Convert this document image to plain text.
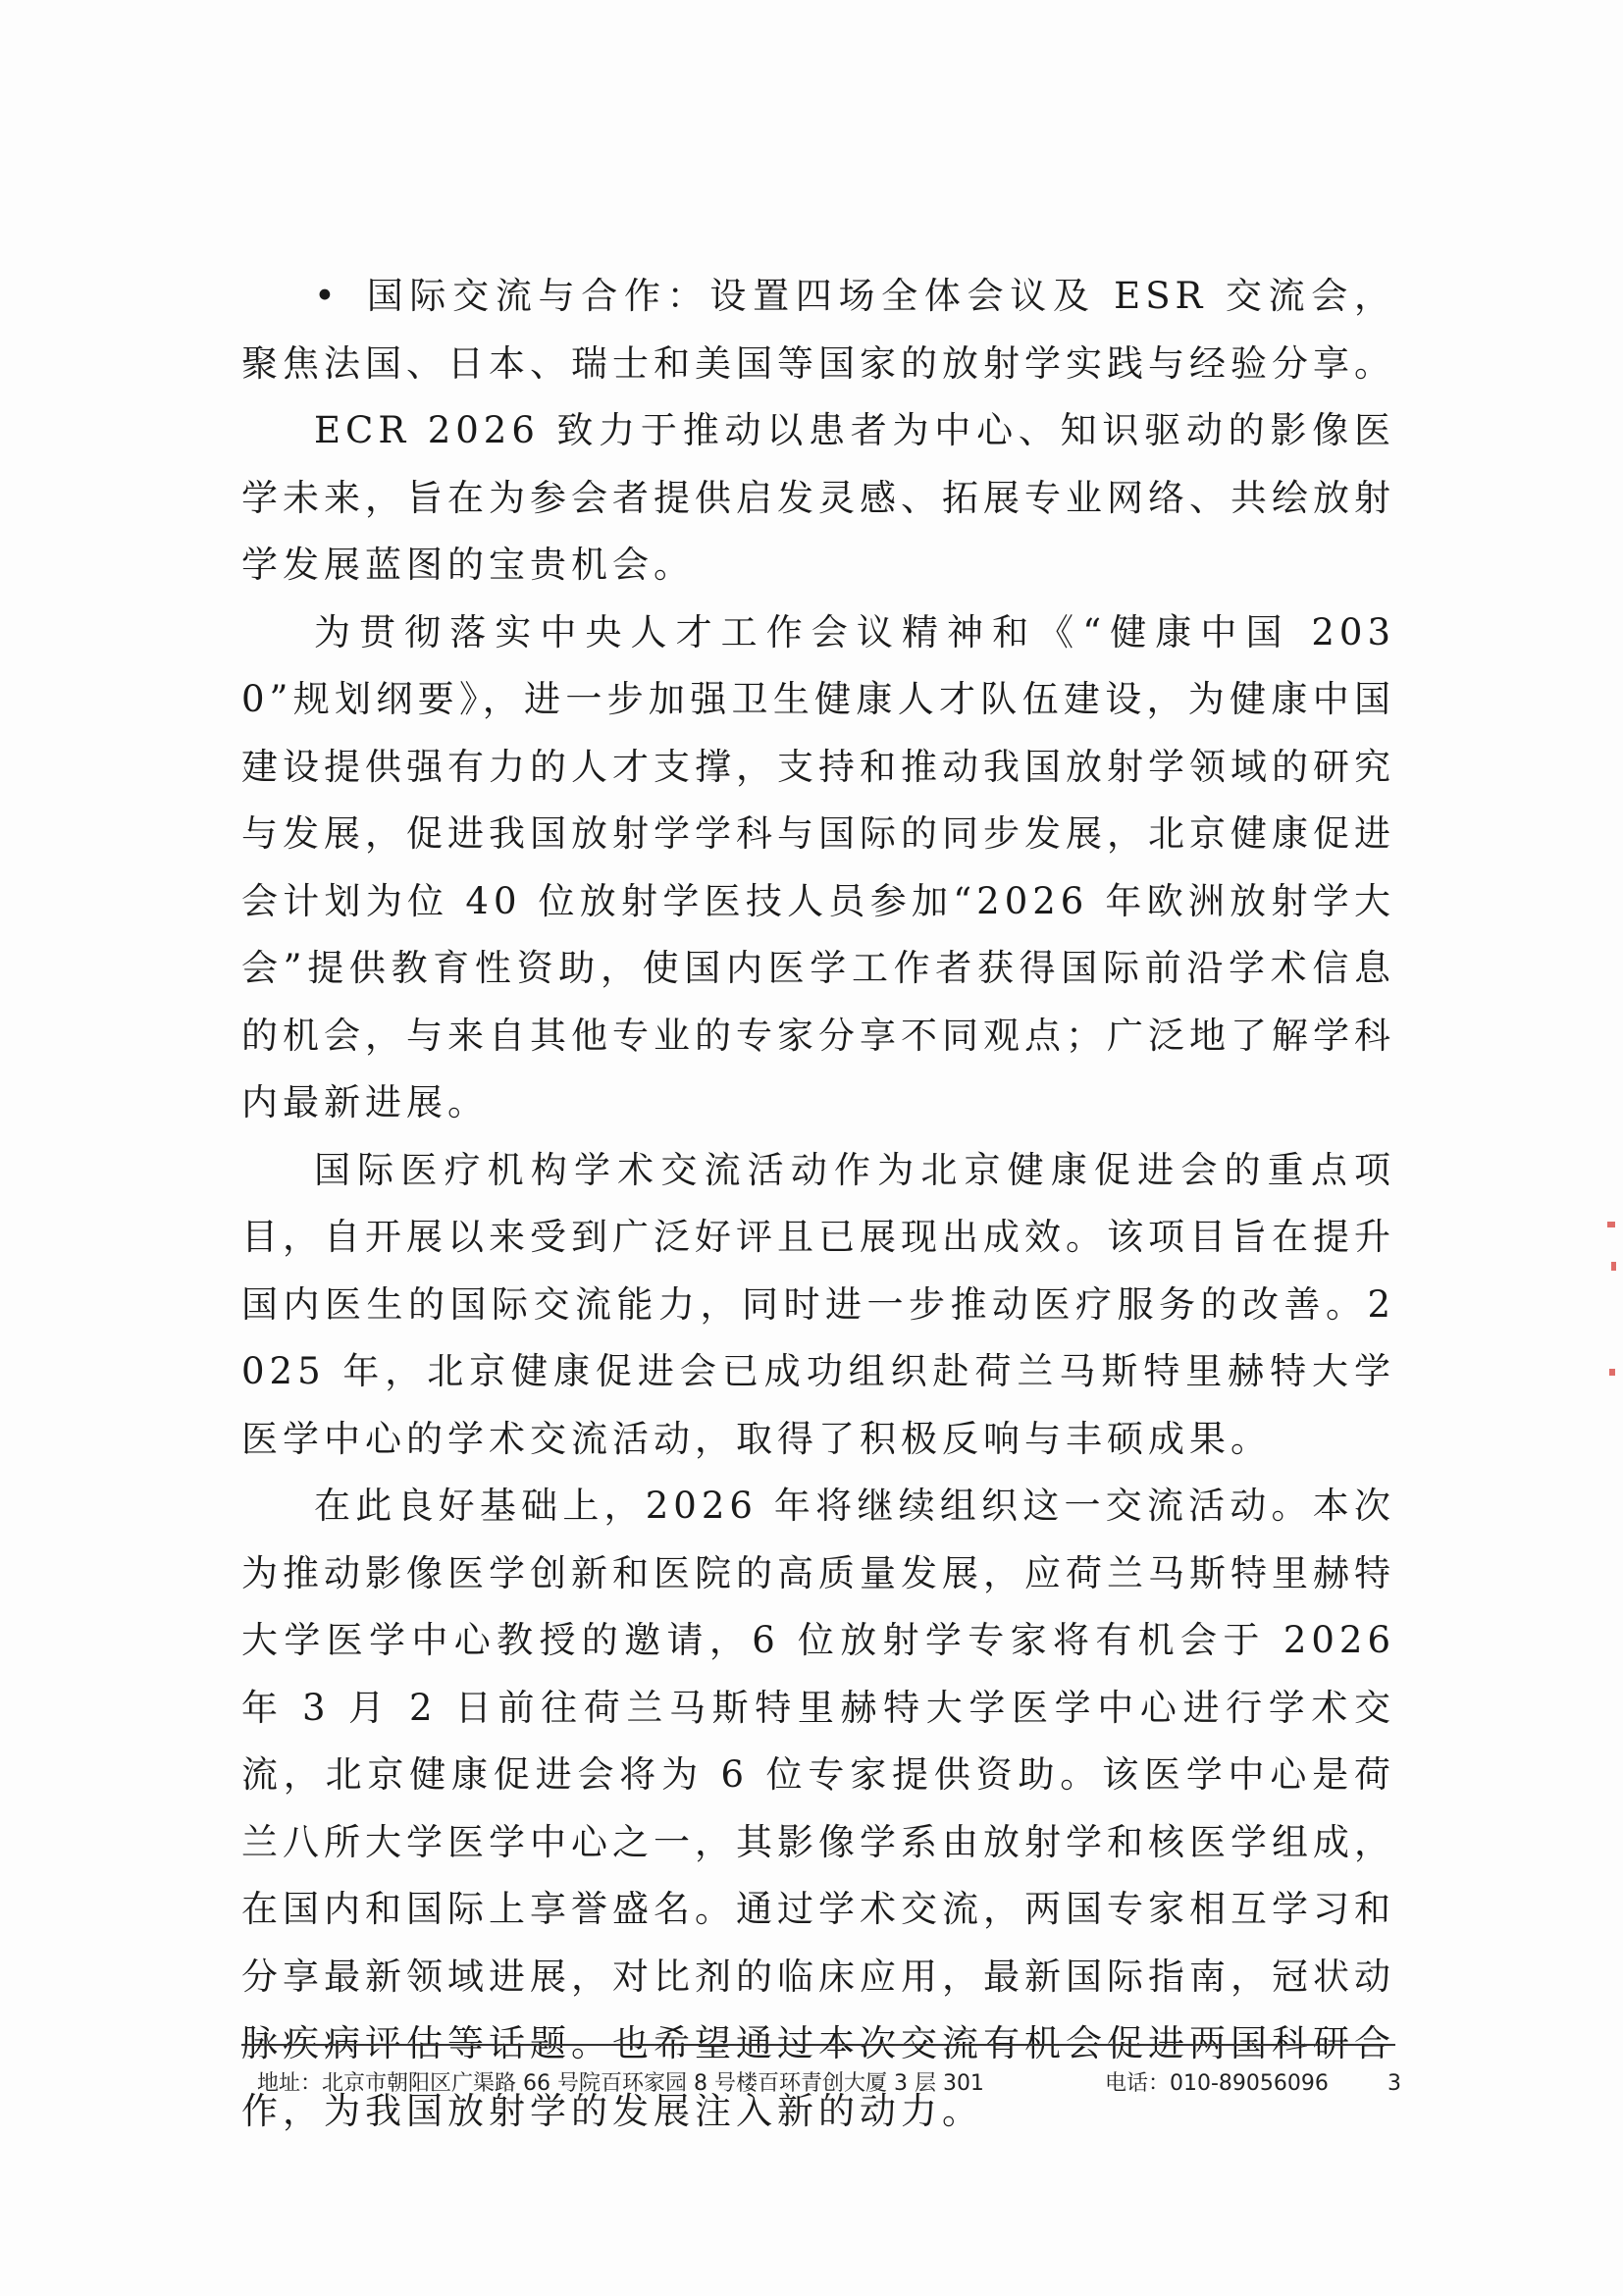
• 国际交流与合作：设置四场全体会议及 ESR 交流会，聚焦法国、日本、瑞士和美国等国家的放射学实践与经验分享。

ECR 2026 致力于推动以患者为中心、知识驱动的影像医学未来，旨在为参会者提供启发灵感、拓展专业网络、共绘放射学发展蓝图的宝贵机会。

为贯彻落实中央人才工作会议精神和《“健康中国 2030”规划纲要》，进一步加强卫生健康人才队伍建设，为健康中国建设提供强有力的人才支撑，支持和推动我国放射学领域的研究与发展，促进我国放射学学科与国际的同步发展，北京健康促进会计划为位 40 位放射学医技人员参加“2026 年欧洲放射学大会”提供教育性资助，使国内医学工作者获得国际前沿学术信息的机会，与来自其他专业的专家分享不同观点；广泛地了解学科内最新进展。

国际医疗机构学术交流活动作为北京健康促进会的重点项目，自开展以来受到广泛好评且已展现出成效。该项目旨在提升国内医生的国际交流能力，同时进一步推动医疗服务的改善。2025 年，北京健康促进会已成功组织赴荷兰马斯特里赫特大学医学中心的学术交流活动，取得了积极反响与丰硕成果。

在此良好基础上，2026 年将继续组织这一交流活动。本次为推动影像医学创新和医院的高质量发展，应荷兰马斯特里赫特大学医学中心教授的邀请，6 位放射学专家将有机会于 2026 年 3 月 2 日前往荷兰马斯特里赫特大学医学中心进行学术交流，北京健康促进会将为 6 位专家提供资助。该医学中心是荷兰八所大学医学中心之一，其影像学系由放射学和核医学组成，在国内和国际上享誉盛名。通过学术交流，两国专家相互学习和分享最新领域进展，对比剂的临床应用，最新国际指南，冠状动脉疾病评估等话题。也希望通过本次交流有机会促进两国科研合作，为我国放射学的发展注入新的动力。

地址：北京市朝阳区广渠路 66 号院百环家园 8 号楼百环青创大厦 3 层 301	电话：010-89056096	3
